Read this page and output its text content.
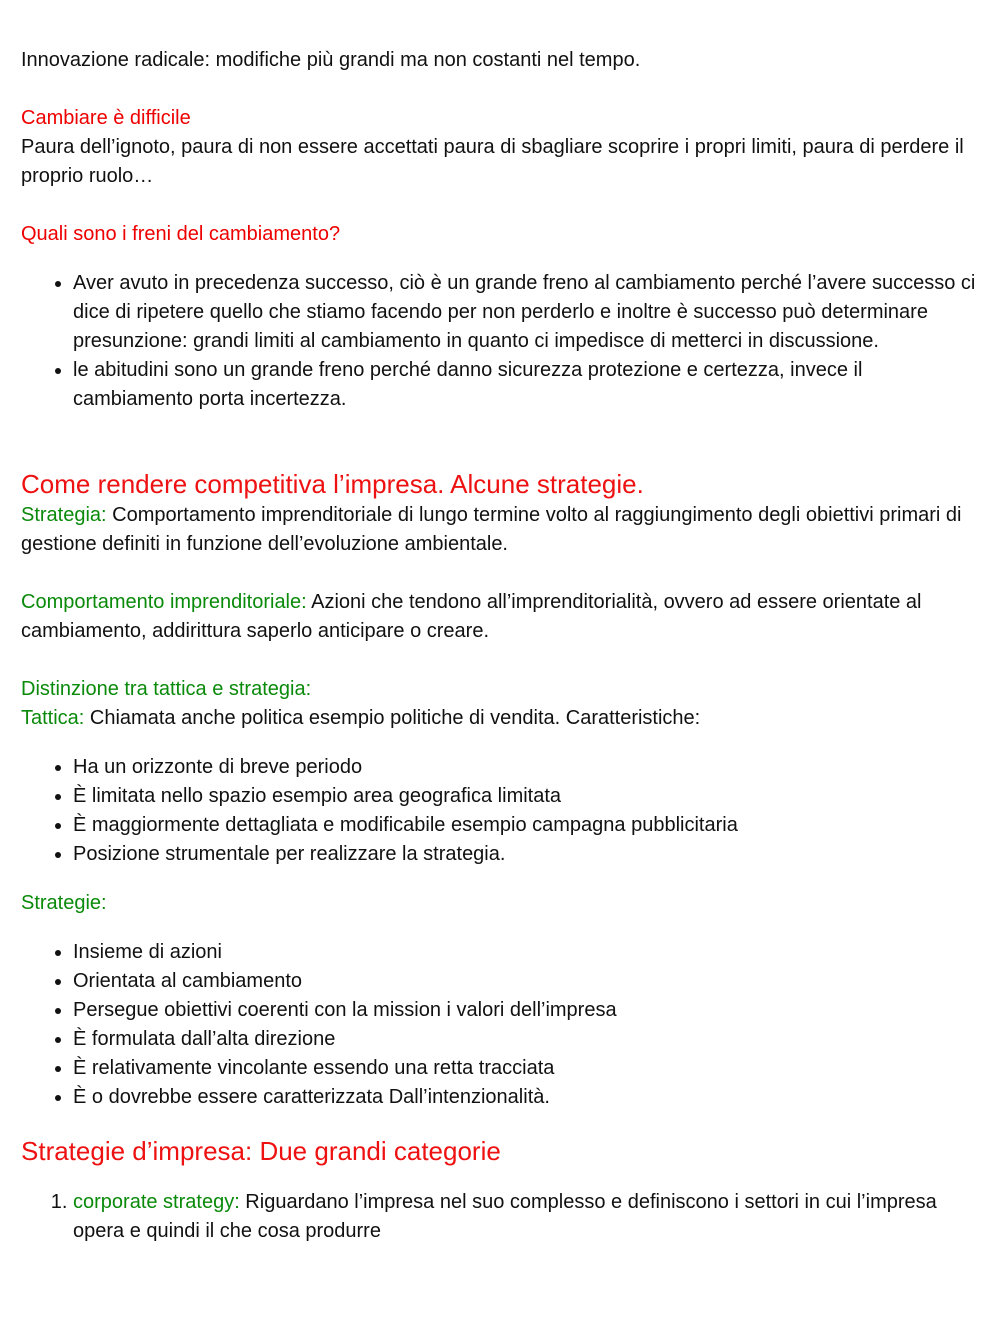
Innovazione radicale: modifiche più grandi ma non costanti nel tempo.

Cambiare è difficile

Paura dell’ignoto, paura di non essere accettati paura di sbagliare scoprire i propri limiti, paura di perdere il proprio ruolo…

Quali sono i freni del cambiamento?

• Aver avuto in precedenza successo, ciò è un grande freno al cambiamento perché l’avere successo ci dice di ripetere quello che stiamo facendo per non perderlo e inoltre è successo può determinare presunzione: grandi limiti al cambiamento in quanto ci impedisce di metterci in discussione.
• le abitudini sono un grande freno perché danno sicurezza protezione e certezza, invece il cambiamento porta incertezza.

Come rendere competitiva l’impresa. Alcune strategie.

Strategia: Comportamento imprenditoriale di lungo termine volto al raggiungimento degli obiettivi primari di gestione definiti in funzione dell’evoluzione ambientale.

Comportamento imprenditoriale: Azioni che tendono all’imprenditorialità, ovvero ad essere orientate al cambiamento, addirittura saperlo anticipare o creare.

Distinzione tra tattica e strategia:

Tattica: Chiamata anche politica esempio politiche di vendita. Caratteristiche:

• Ha un orizzonte di breve periodo
• È limitata nello spazio esempio area geografica limitata
• È maggiormente dettagliata e modificabile esempio campagna pubblicitaria
• Posizione strumentale per realizzare la strategia.

Strategie:

• Insieme di azioni
• Orientata al cambiamento
• Persegue obiettivi coerenti con la mission i valori dell’impresa
• È formulata dall’alta direzione
• È relativamente vincolante essendo una retta tracciata
• È o dovrebbe essere caratterizzata Dall’intenzionalità.

Strategie d’impresa: Due grandi categorie

1. corporate strategy: Riguardano l’impresa nel suo complesso e definiscono i settori in cui l’impresa opera e quindi il che cosa produrre
